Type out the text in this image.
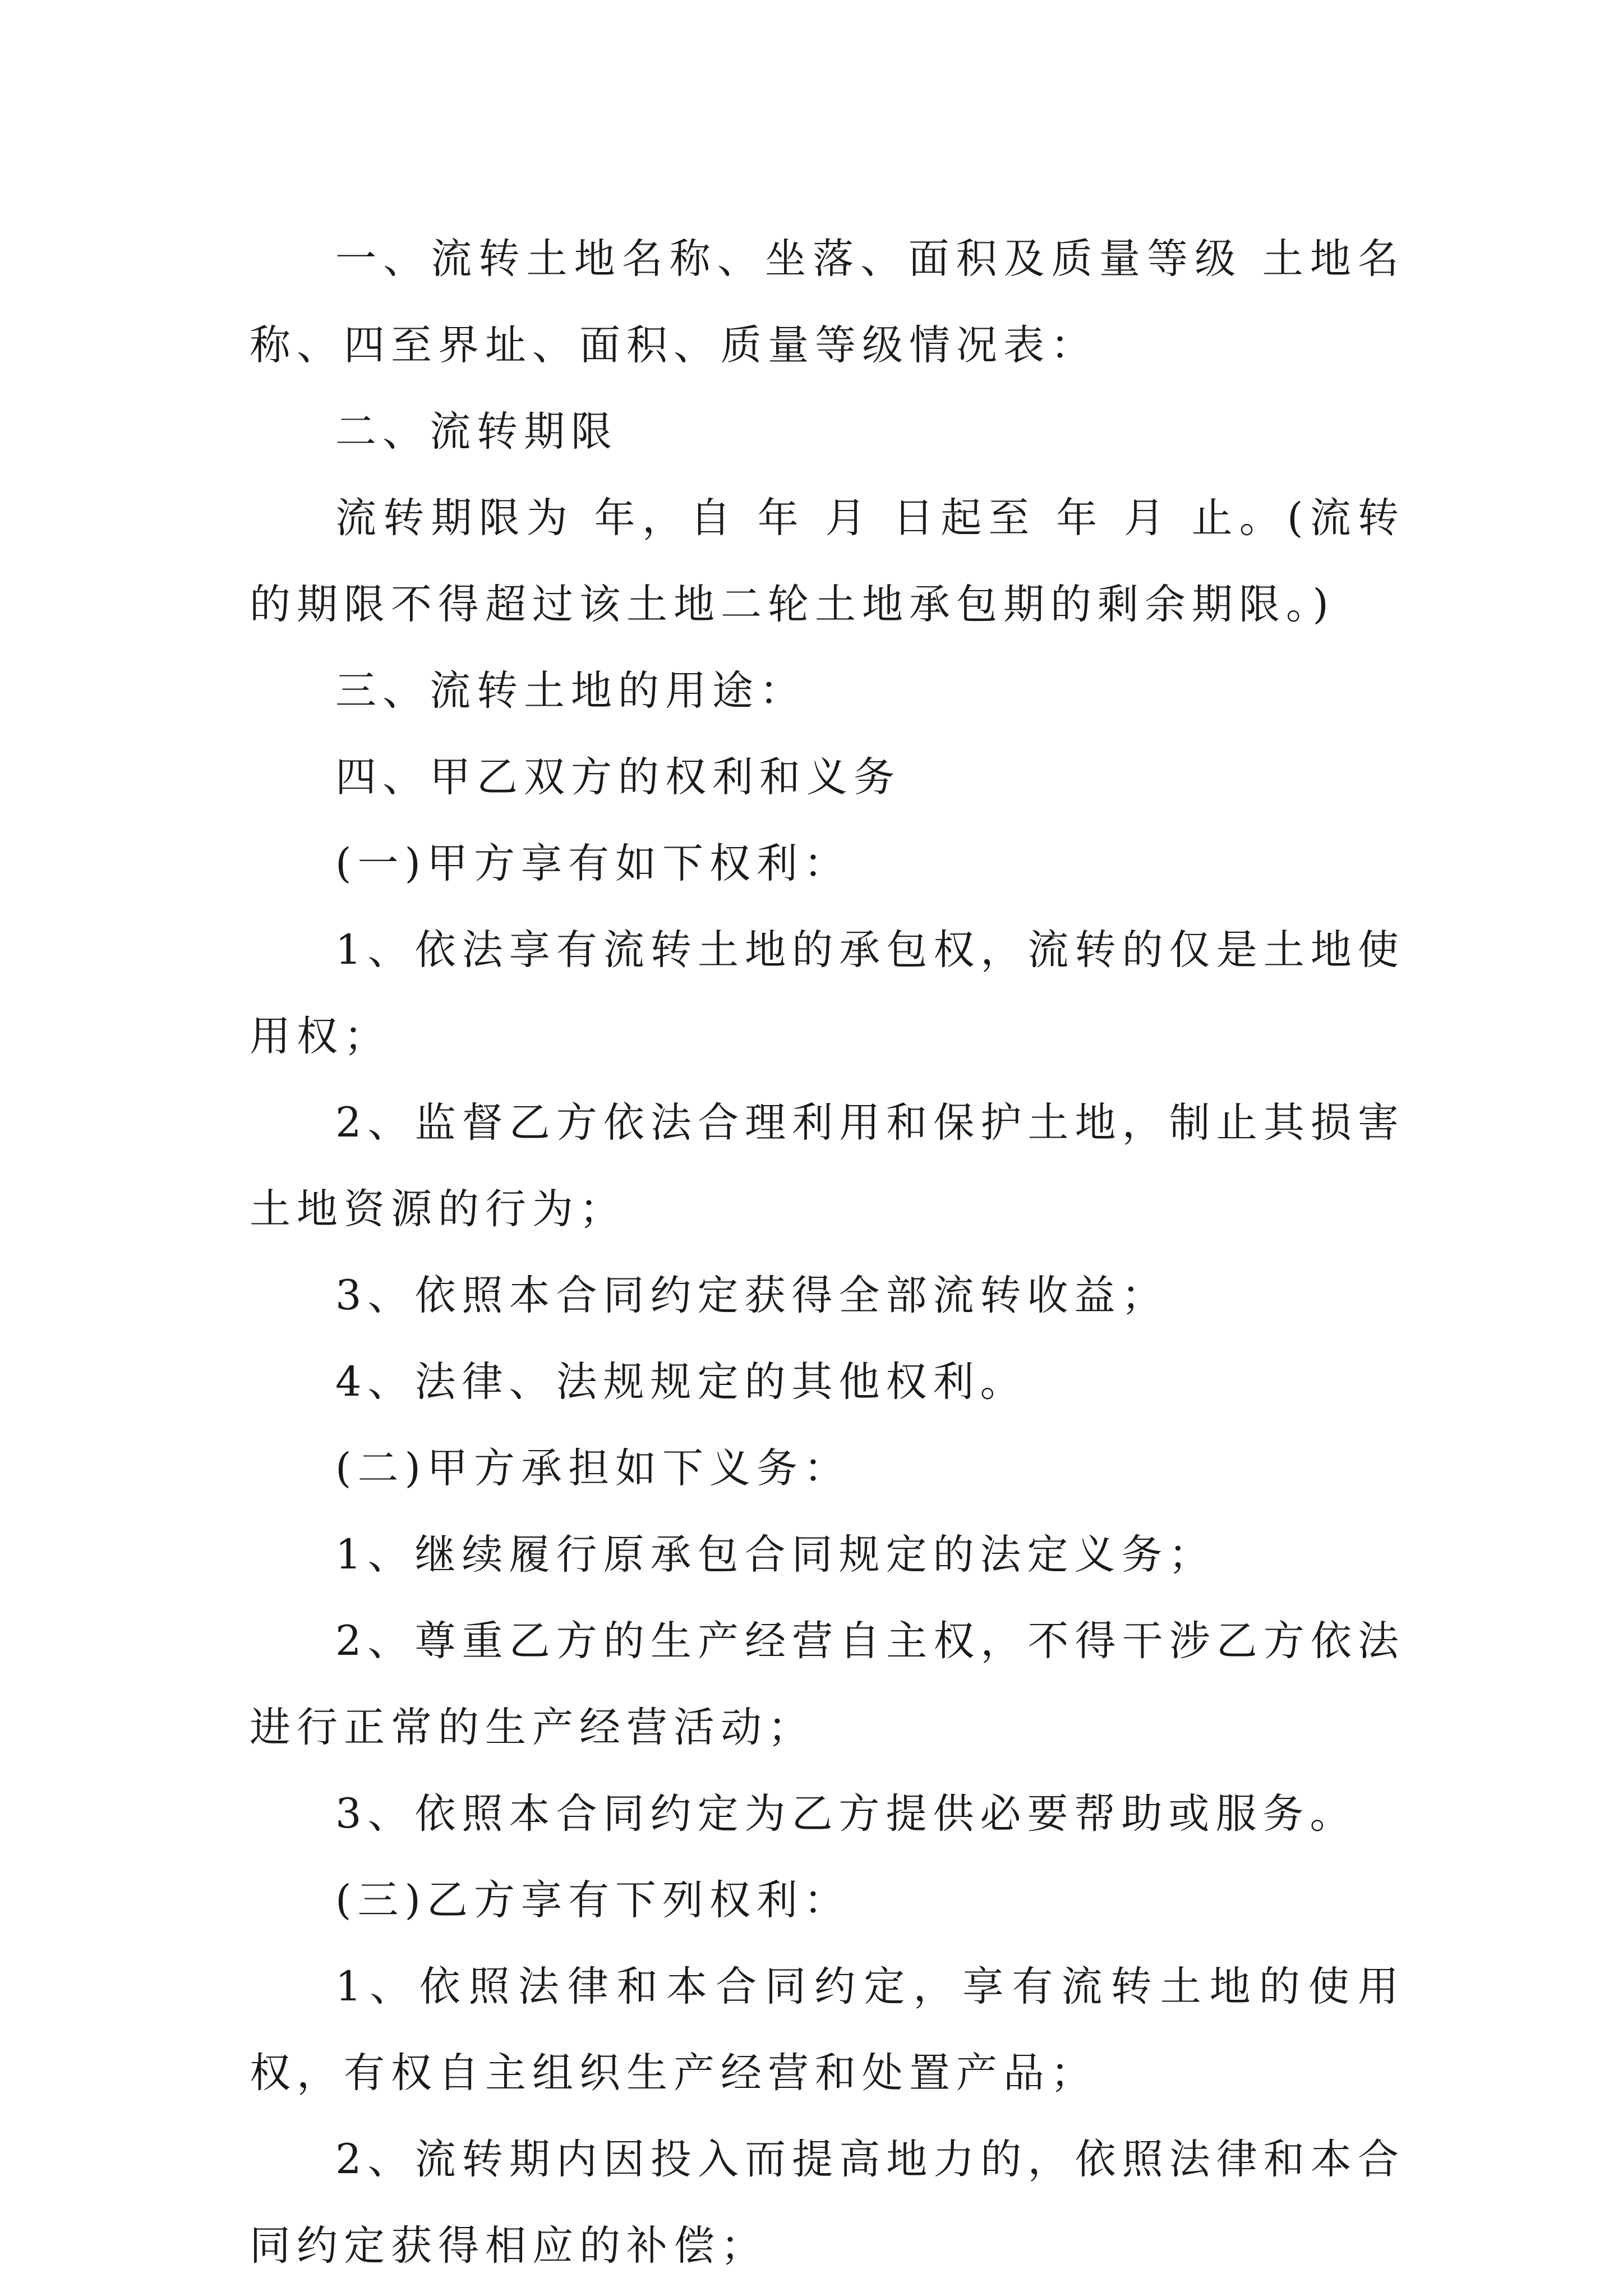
一、流转土地名称、坐落、面积及质量等级 土地名称、四至界址、面积、质量等级情况表：

二、流转期限

流转期限为 年，自 年 月 日起至 年 月 止。(流转的期限不得超过该土地二轮土地承包期的剩余期限。)

三、流转土地的用途：

四、甲乙双方的权利和义务

(一)甲方享有如下权利：

1、依法享有流转土地的承包权，流转的仅是土地使用权；

2、监督乙方依法合理利用和保护土地，制止其损害土地资源的行为；

3、依照本合同约定获得全部流转收益；

4、法律、法规规定的其他权利。

(二)甲方承担如下义务：

1、继续履行原承包合同规定的法定义务；

2、尊重乙方的生产经营自主权，不得干涉乙方依法进行正常的生产经营活动；

3、依照本合同约定为乙方提供必要帮助或服务。

(三)乙方享有下列权利：

1、依照法律和本合同约定，享有流转土地的使用权，有权自主组织生产经营和处置产品；

2、流转期内因投入而提高地力的，依照法律和本合同约定获得相应的补偿；
